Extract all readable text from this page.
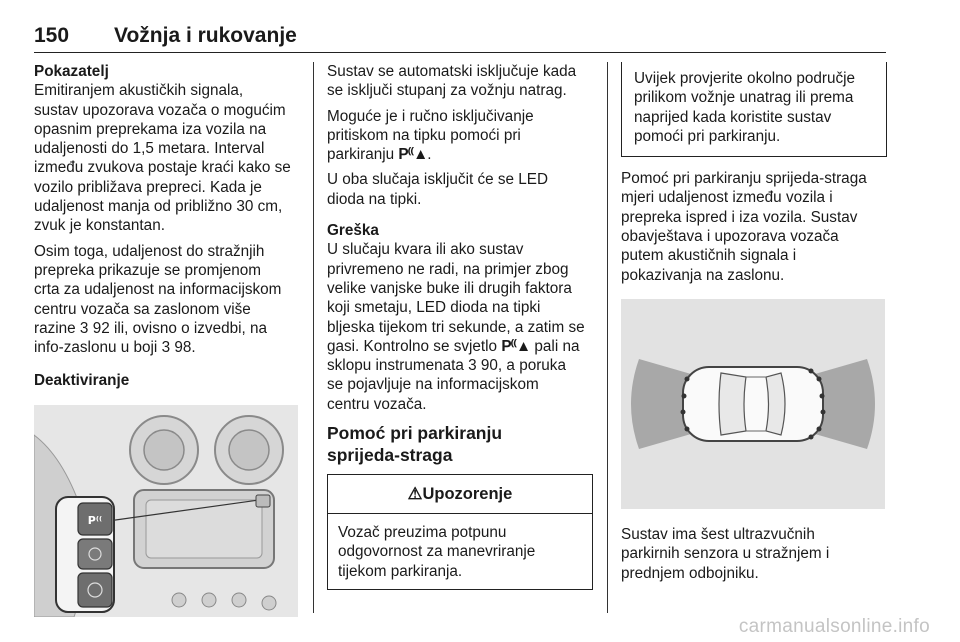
150 Vožnja i rukovanje
Pokazatelj

Emitiranjem akustičkih signala,
sustav upozorava vozača o mogućim
opasnim preprekama iza vozila na
udaljenosti do 1,5 metara. Interval
između zvukova postaje kraći kako se
vozilo približava prepreci. Kada je
udaljenost manja od približno 30 cm,
zvuk je konstantan.

Osim toga, udaljenost do stražnjih
prepreka prikazuje se promjenom
crta za udaljenost na informacijskom
centru vozača sa zaslonom više
razine 3 92 ili, ovisno o izvedbi, na
info-zaslonu u boji 3 98.

Deaktiviranje
P⁽⁽

Sustav se automatski isključuje kada
se isključi stupanj za vožnju natrag.

Moguće je i ručno isključivanje
pritiskom na tipku pomoći pri
parkiranju P⁽⁽▲.

U oba slučaja isključit će se LED
dioda na tipki.

Greška

U slučaju kvara ili ako sustav
privremeno ne radi, na primjer zbog
velike vanjske buke ili drugih faktora
koji smetaju, LED dioda na tipki
bljeska tijekom tri sekunde, a zatim se
gasi. Kontrolno se svjetlo P⁽⁽▲ pali na
sklopu instrumenata 3 90, a poruka
se pojavljuje na informacijskom
centru vozača.

Pomoć pri parkiranju
sprijeda-straga
⚠Upozorenje
Vozač preuzima potpunu
odgovornost za manevriranje
tijekom parkiranja.
Uvijek provjerite okolno područje
prilikom vožnje unatrag ili prema
naprijed kada koristite sustav
pomoći pri parkiranju.

Pomoć pri parkiranju sprijeda-straga
mjeri udaljenost između vozila i
prepreka ispred i iza vozila. Sustav
obavještava i upozorava vozača
putem akustičnih signala i
pokazivanja na zaslonu.

Sustav ima šest ultrazvučnih
parkirnih senzora u stražnjem i
prednjem odbojniku.

carmanualsonline.info
